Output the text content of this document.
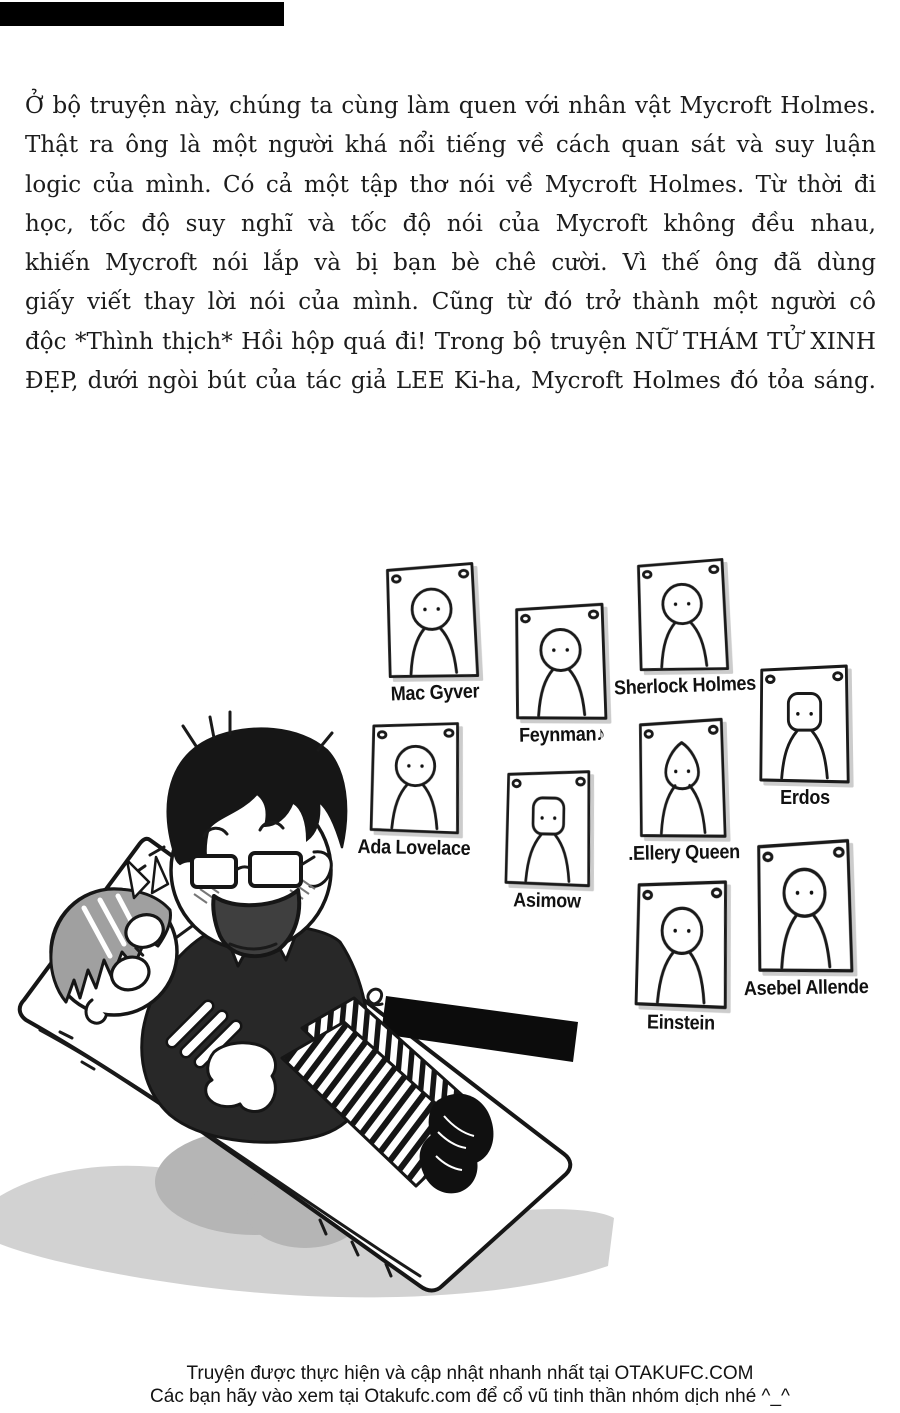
Ở bộ truyện này, chúng ta cùng làm quen với nhân vật Mycroft Holmes.
Thật ra ông là một người khá nổi tiếng về cách quan sát và suy luận
logic của mình. Có cả một tập thơ nói về Mycroft Holmes. Từ thời đi
học, tốc độ suy nghĩ và tốc độ nói của Mycroft không đều nhau,
khiến Mycroft nói lắp và bị bạn bè chê cười. Vì thế ông đã dùng
giấy viết thay lời nói của mình. Cũng từ đó trở thành một người cô
độc *Thình thịch* Hồi hộp quá đi! Trong bộ truyện NỮ THÁM TỬ XINH
ĐẸP, dưới ngòi bút của tác giả LEE Ki-ha, Mycroft Holmes đó tỏa sáng.
Mac Gyver
Feynman♪
Sherlock Holmes
Ada Lovelace
Asimow
.Ellery Queen
Erdos
Einstein
Asebel Allende
Truyện được thực hiện và cập nhật nhanh nhất tại OTAKUFC.COM
Các bạn hãy vào xem tại Otakufc.com để cổ vũ tinh thần nhóm dịch nhé ^_^
